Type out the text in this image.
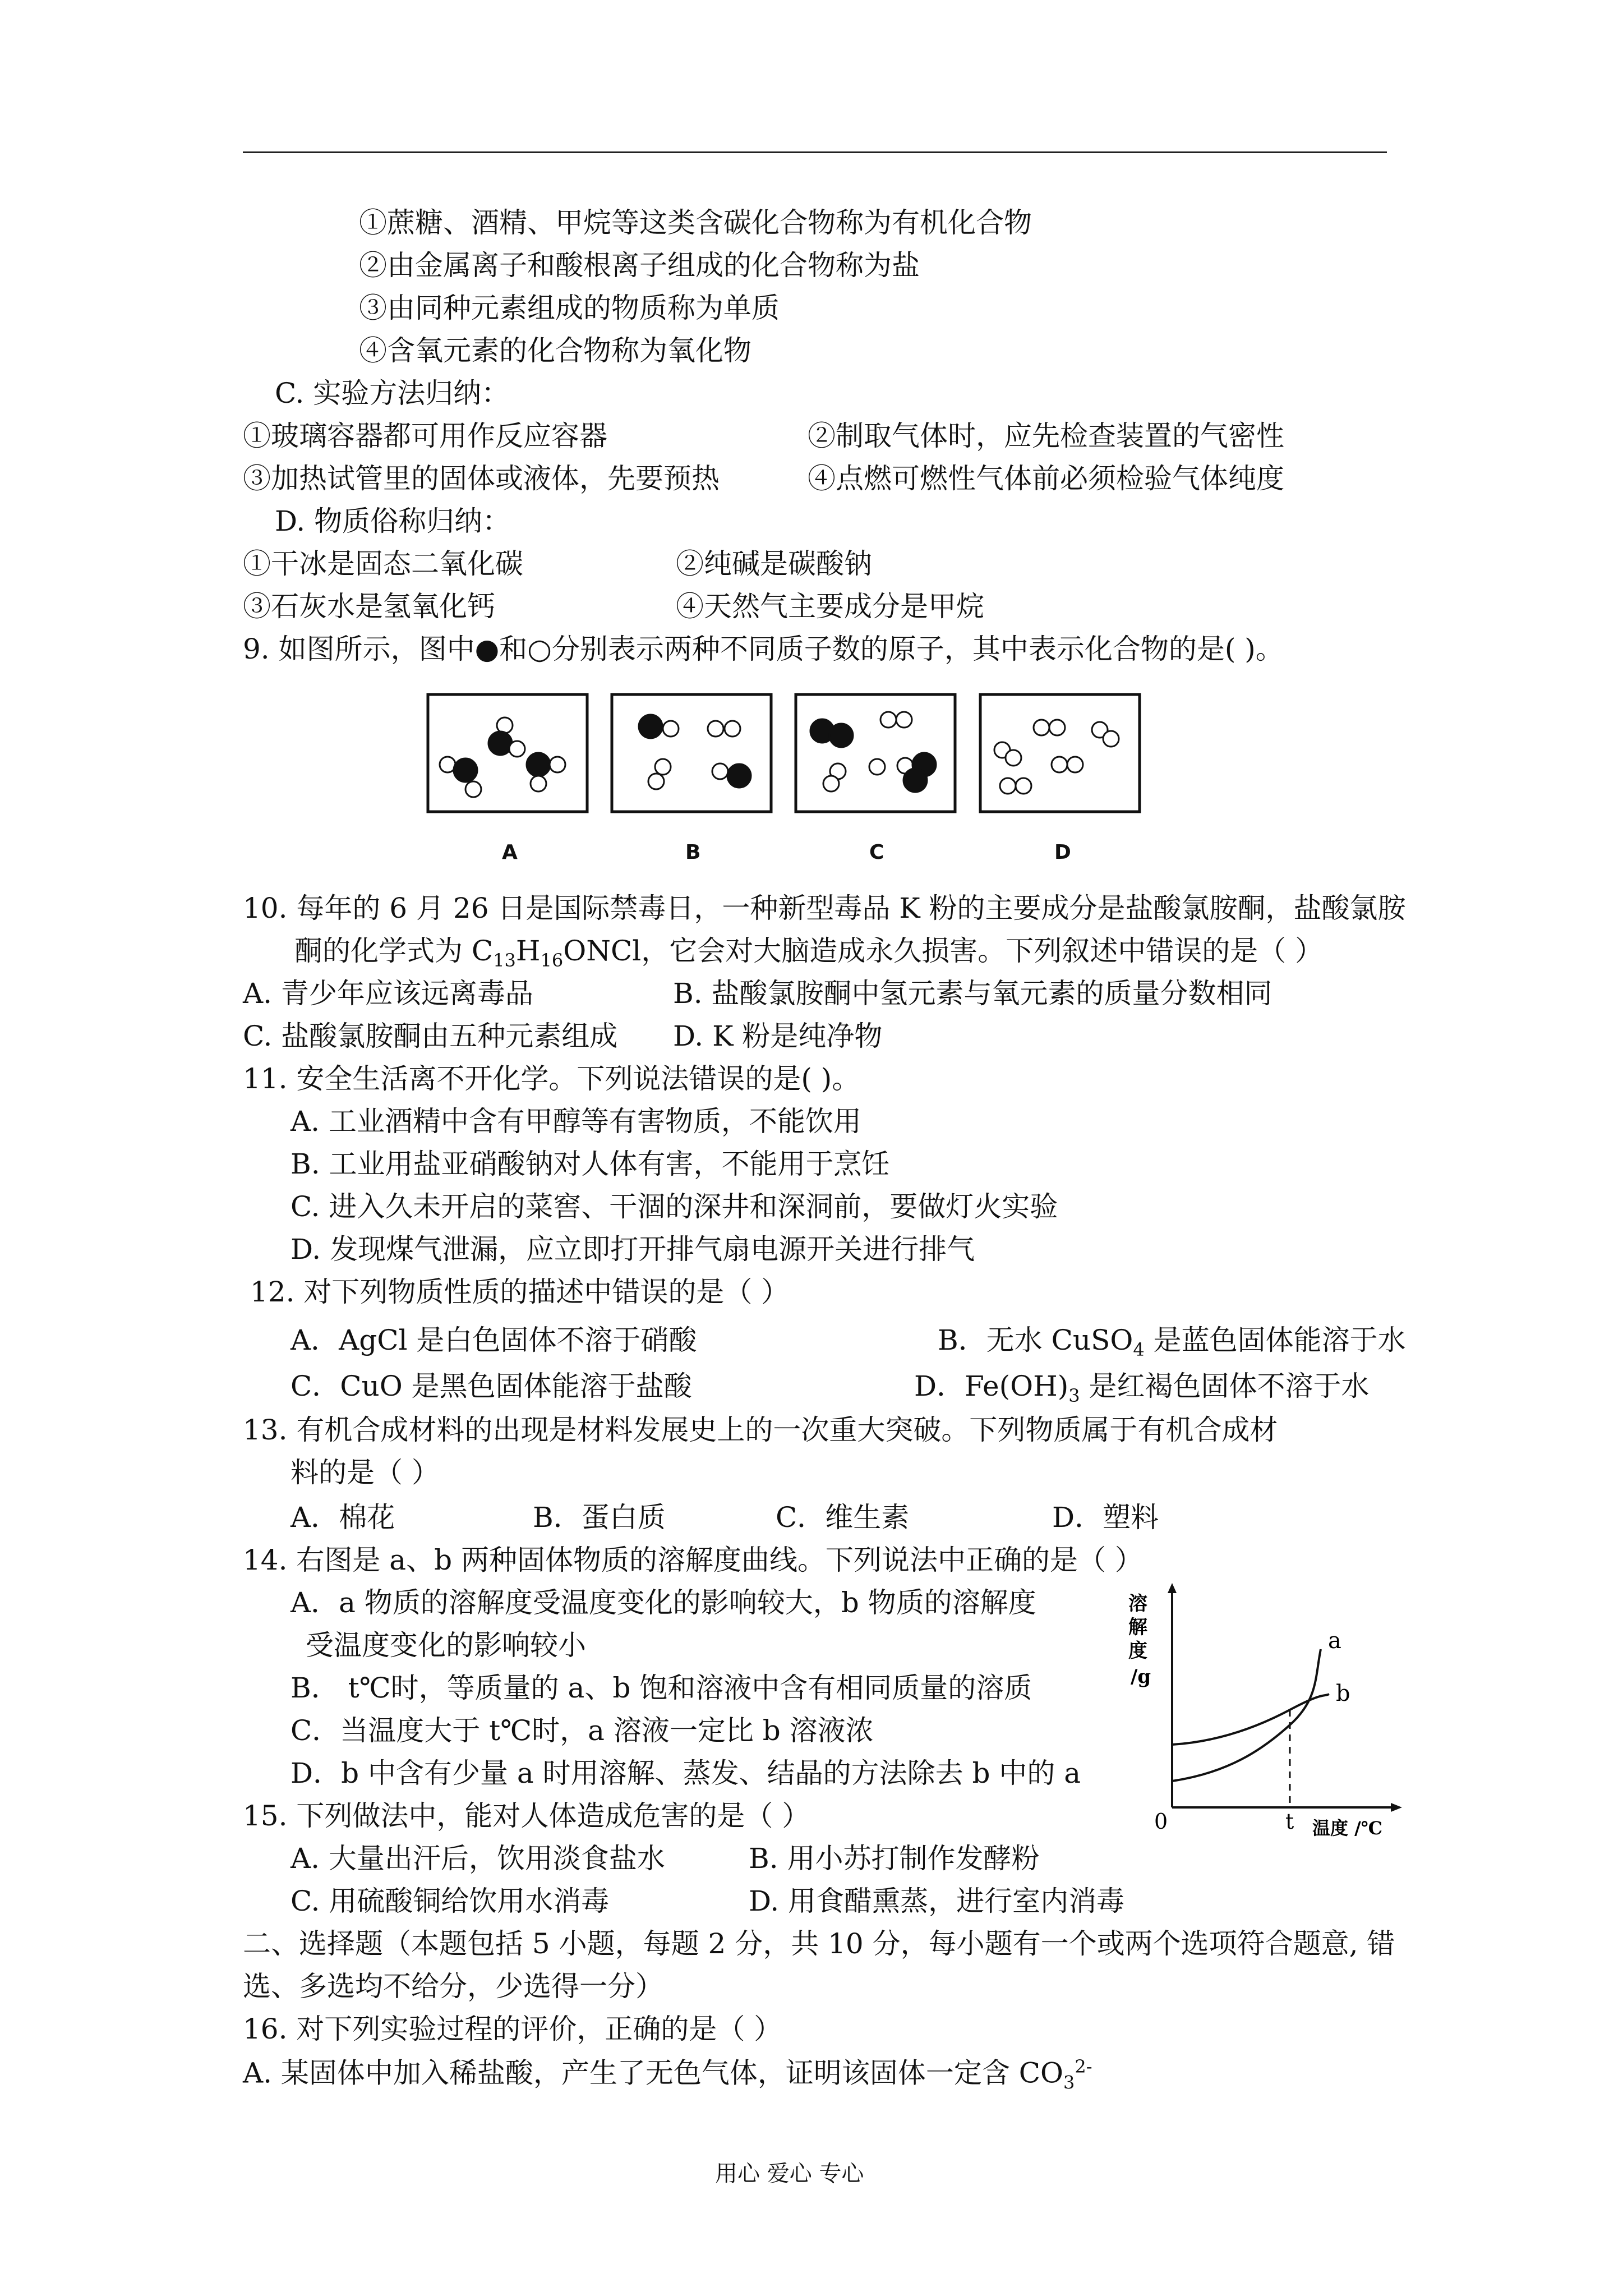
①蔗糖、酒精、甲烷等这类含碳化合物称为有机化合物
②由金属离子和酸根离子组成的化合物称为盐
③由同种元素组成的物质称为单质
④含氧元素的化合物称为氧化物
C. 实验方法归纳：
①玻璃容器都可用作反应容器	②制取气体时，应先检查装置的气密性
③加热试管里的固体或液体，先要预热	④点燃可燃性气体前必须检验气体纯度
D. 物质俗称归纳：
①干冰是固态二氧化碳	②纯碱是碳酸钠
③石灰水是氢氧化钙	④天然气主要成分是甲烷
9. 如图所示，图中●和○分别表示两种不同质子数的原子，其中表示化合物的是( )。
A	B	C	D
10. 每年的 6 月 26 日是国际禁毒日，一种新型毒品 K 粉的主要成分是盐酸氯胺酮，盐酸氯胺
酮的化学式为 $C_{13}H_{16}ONCl$，它会对大脑造成永久损害。下列叙述中错误的是（ ）
A. 青少年应该远离毒品	B. 盐酸氯胺酮中氢元素与氧元素的质量分数相同
C. 盐酸氯胺酮由五种元素组成 D. K 粉是纯净物
11. 安全生活离不开化学。下列说法错误的是( )。
A. 工业酒精中含有甲醇等有害物质，不能饮用
B. 工业用盐亚硝酸钠对人体有害，不能用于烹饪
C. 进入久未开启的菜窖、干涸的深井和深洞前，要做灯火实验
D. 发现煤气泄漏，应立即打开排气扇电源开关进行排气
12. 对下列物质性质的描述中错误的是（ ）
A．AgCl 是白色固体不溶于硝酸	B．无水 CuSO$_4$ 是蓝色固体能溶于水
C．CuO 是黑色固体能溶于盐酸	D．$Fe(OH)_3$ 是红褐色固体不溶于水
13. 有机合成材料的出现是材料发展史上的一次重大突破。下列物质属于有机合成材
料的是（ ）
A．棉花	B．蛋白质	C．维生素	D．塑料
14. 右图是 a、b 两种固体物质的溶解度曲线。下列说法中正确的是（ ）
A．a 物质的溶解度受温度变化的影响较大，b 物质的溶解度
受温度变化的影响较小
B． t℃时，等质量的 a、b 饱和溶液中含有相同质量的溶质
C．当温度大于 t℃时，a 溶液一定比 b 溶液浓
D．b 中含有少量 a 时用溶解、蒸发、结晶的方法除去 b 中的 a
溶
解
度
/g
a
b
0	t 温度 /℃
15. 下列做法中，能对人体造成危害的是（ ）
A. 大量出汗后，饮用淡食盐水	B. 用小苏打制作发酵粉
C. 用硫酸铜给饮用水消毒	D. 用食醋熏蒸，进行室内消毒
二、选择题（本题包括 5 小题，每题 2 分，共 10 分，每小题有一个或两个选项符合题意, 错
选、多选均不给分，少选得一分）
16. 对下列实验过程的评价，正确的是（ ）
A. 某固体中加入稀盐酸，产生了无色气体，证明该固体一定含 $CO_3^{2-}$
用心 爱心 专心
